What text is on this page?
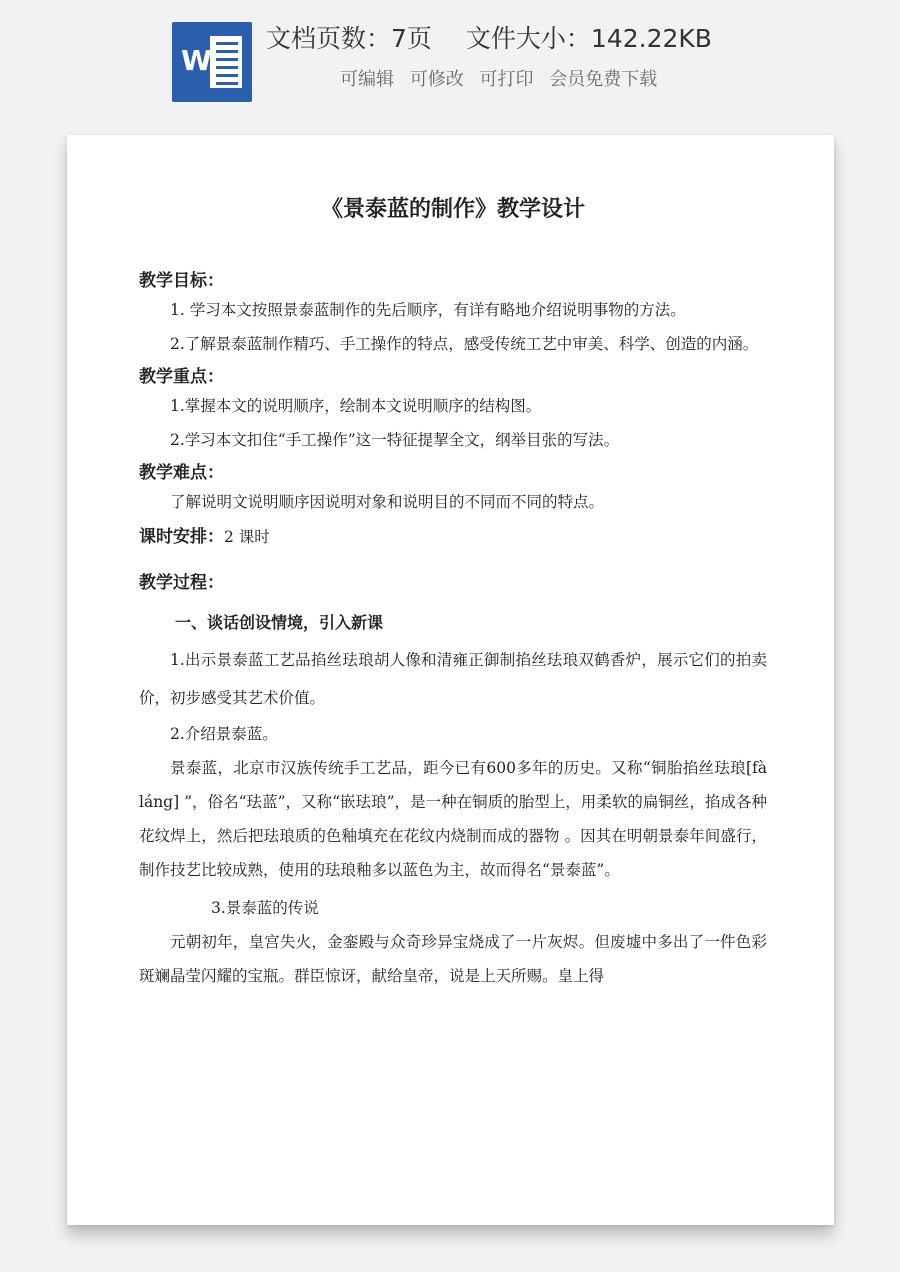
W
文档页数：7页 文件大小：142.22KB
可编辑 可修改 可打印 会员免费下载
《景泰蓝的制作》教学设计

教学目标：

1. 学习本文按照景泰蓝制作的先后顺序，有详有略地介绍说明事物的方法。

2.了解景泰蓝制作精巧、手工操作的特点，感受传统工艺中审美、科学、创造的内涵。

教学重点：

1.掌握本文的说明顺序，绘制本文说明顺序的结构图。

2.学习本文扣住“手工操作”这一特征提挈全文，纲举目张的写法。

教学难点：

了解说明文说明顺序因说明对象和说明目的不同而不同的特点。

课时安排：2 课时

教学过程：

一、谈话创设情境，引入新课

1.出示景泰蓝工艺品掐丝珐琅胡人像和清雍正御制掐丝珐琅双鹤香炉，展示它们的拍卖价，初步感受其艺术价值。

2.介绍景泰蓝。

景泰蓝，北京市汉族传统手工艺品，距今已有600多年的历史。又称“铜胎掐丝珐琅[fà láng] ”，俗名“珐蓝”，又称“嵌珐琅”，是一种在铜质的胎型上，用柔软的扁铜丝，掐成各种花纹焊上，然后把珐琅质的色釉填充在花纹内烧制而成的器物 。因其在明朝景泰年间盛行，制作技艺比较成熟，使用的珐琅釉多以蓝色为主，故而得名“景泰蓝”。

3.景泰蓝的传说

元朝初年，皇宫失火，金銮殿与众奇珍异宝烧成了一片灰烬。但废墟中多出了一件色彩斑斓晶莹闪耀的宝瓶。群臣惊讶，献给皇帝，说是上天所赐。皇上得
